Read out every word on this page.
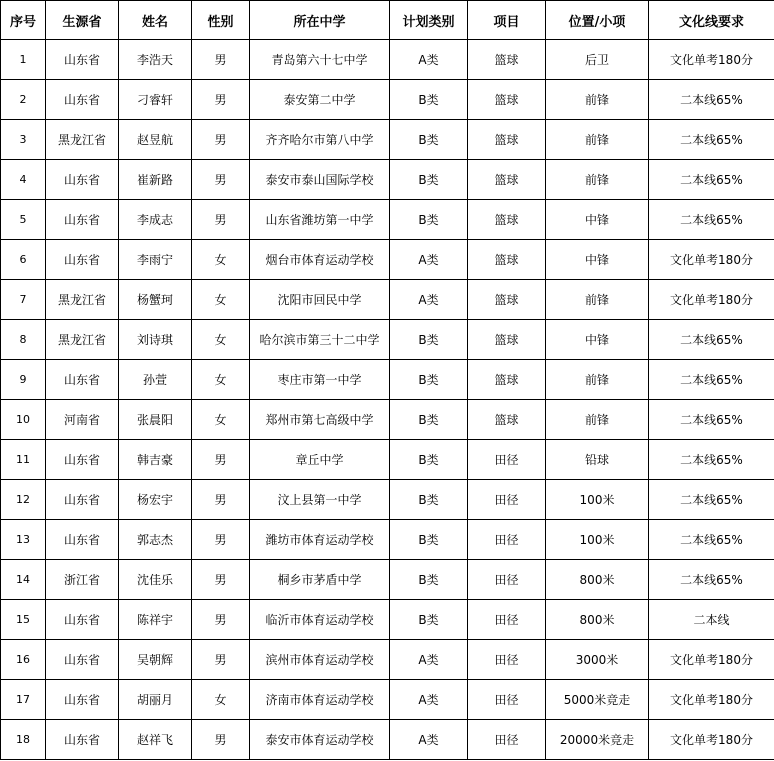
序号	生源省	姓名	性别	所在中学	计划类别	项目	位置/小项	文化线要求
1	山东省	李浩天	男	青岛第六十七中学	A类	篮球	后卫	文化单考180分
2	山东省	刁睿轩	男	泰安第二中学	B类	篮球	前锋	二本线65%
3	黑龙江省	赵昱航	男	齐齐哈尔市第八中学	B类	篮球	前锋	二本线65%
4	山东省	崔新路	男	泰安市泰山国际学校	B类	篮球	前锋	二本线65%
5	山东省	李成志	男	山东省潍坊第一中学	B类	篮球	中锋	二本线65%
6	山东省	李雨宁	女	烟台市体育运动学校	A类	篮球	中锋	文化单考180分
7	黑龙江省	杨蟹珂	女	沈阳市回民中学	A类	篮球	前锋	文化单考180分
8	黑龙江省	刘诗琪	女	哈尔滨市第三十二中学	B类	篮球	中锋	二本线65%
9	山东省	孙萱	女	枣庄市第一中学	B类	篮球	前锋	二本线65%
10	河南省	张晨阳	女	郑州市第七高级中学	B类	篮球	前锋	二本线65%
11	山东省	韩吉豪	男	章丘中学	B类	田径	铅球	二本线65%
12	山东省	杨宏宇	男	汶上县第一中学	B类	田径	100米	二本线65%
13	山东省	郭志杰	男	潍坊市体育运动学校	B类	田径	100米	二本线65%
14	浙江省	沈佳乐	男	桐乡市茅盾中学	B类	田径	800米	二本线65%
15	山东省	陈祥宇	男	临沂市体育运动学校	B类	田径	800米	二本线
16	山东省	吴朝辉	男	滨州市体育运动学校	A类	田径	3000米	文化单考180分
17	山东省	胡丽月	女	济南市体育运动学校	A类	田径	5000米竞走	文化单考180分
18	山东省	赵祥飞	男	泰安市体育运动学校	A类	田径	20000米竞走	文化单考180分
